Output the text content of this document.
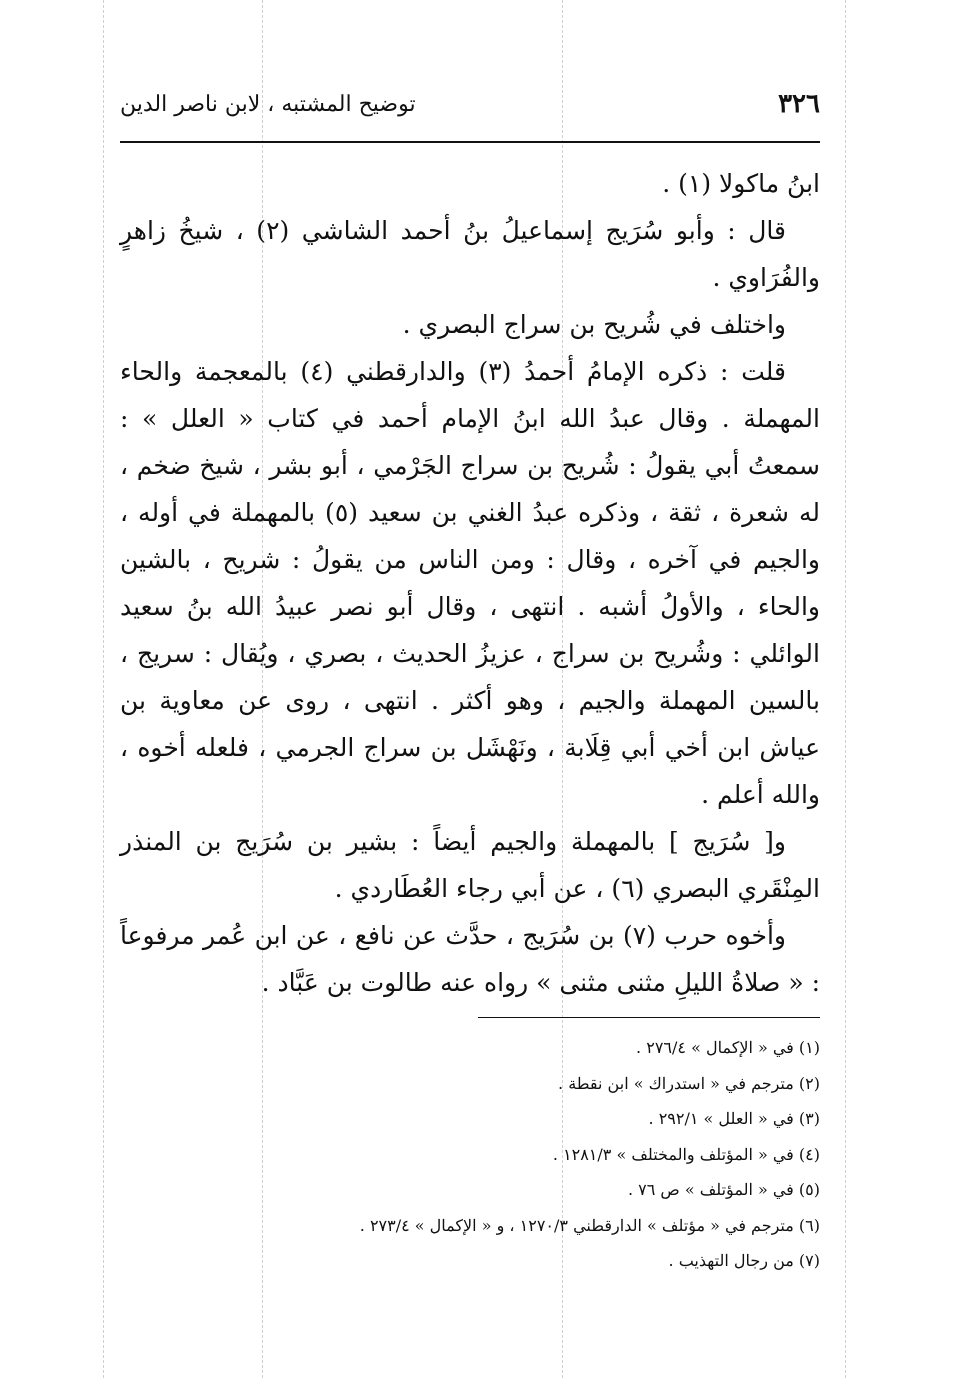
٣٢٦
توضيح المشتبه ، لابن ناصر الدين

ابنُ ماكولا (١) .

قال : وأبو سُرَيج إسماعيلُ بنُ أحمد الشاشي (٢) ، شيخُ زاهرٍ والفُرَاوي .

واختلف في شُريح بن سراج البصري .

قلت : ذكره الإمامُ أحمدُ (٣) والدارقطني (٤) بالمعجمة والحاء المهملة . وقال عبدُ الله ابنُ الإمام أحمد في كتاب « العلل » : سمعتُ أبي يقولُ : شُريح بن سراج الجَرْمي ، أبو بشر ، شيخ ضخم ، له شعرة ، ثقة ، وذكره عبدُ الغني بن سعيد (٥) بالمهملة في أوله ، والجيم في آخره ، وقال : ومن الناس من يقولُ : شريح ، بالشين والحاء ، والأولُ أشبه . انتهى ، وقال أبو نصر عبيدُ الله بنُ سعيد الوائلي : وشُريح بن سراج ، عزيزُ الحديث ، بصري ، ويُقال : سريج ، بالسين المهملة والجيم ، وهو أكثر . انتهى ، روى عن معاوية بن عياش ابن أخي أبي قِلَابة ، ونَهْشَل بن سراج الجرمي ، فلعله أخوه ، والله أعلم .

و[ سُرَيج ] بالمهملة والجيم أيضاً : بشير بن سُرَيج بن المنذر المِنْقَري البصري (٦) ، عن أبي رجاء العُطَاردي .

وأخوه حرب (٧) بن سُرَيج ، حدَّث عن نافع ، عن ابن عُمر مرفوعاً : « صلاةُ الليلِ مثنى مثنى » رواه عنه طالوت بن عَبَّاد .

(١) في « الإكمال » ٢٧٦/٤ .
(٢) مترجم في « استدراك » ابن نقطة .
(٣) في « العلل » ٢٩٢/١ .
(٤) في « المؤتلف والمختلف » ١٢٨١/٣ .
(٥) في « المؤتلف » ص ٧٦ .
(٦) مترجم في « مؤتلف » الدارقطني ١٢٧٠/٣ ، و « الإكمال » ٢٧٣/٤ .
(٧) من رجال التهذيب .
